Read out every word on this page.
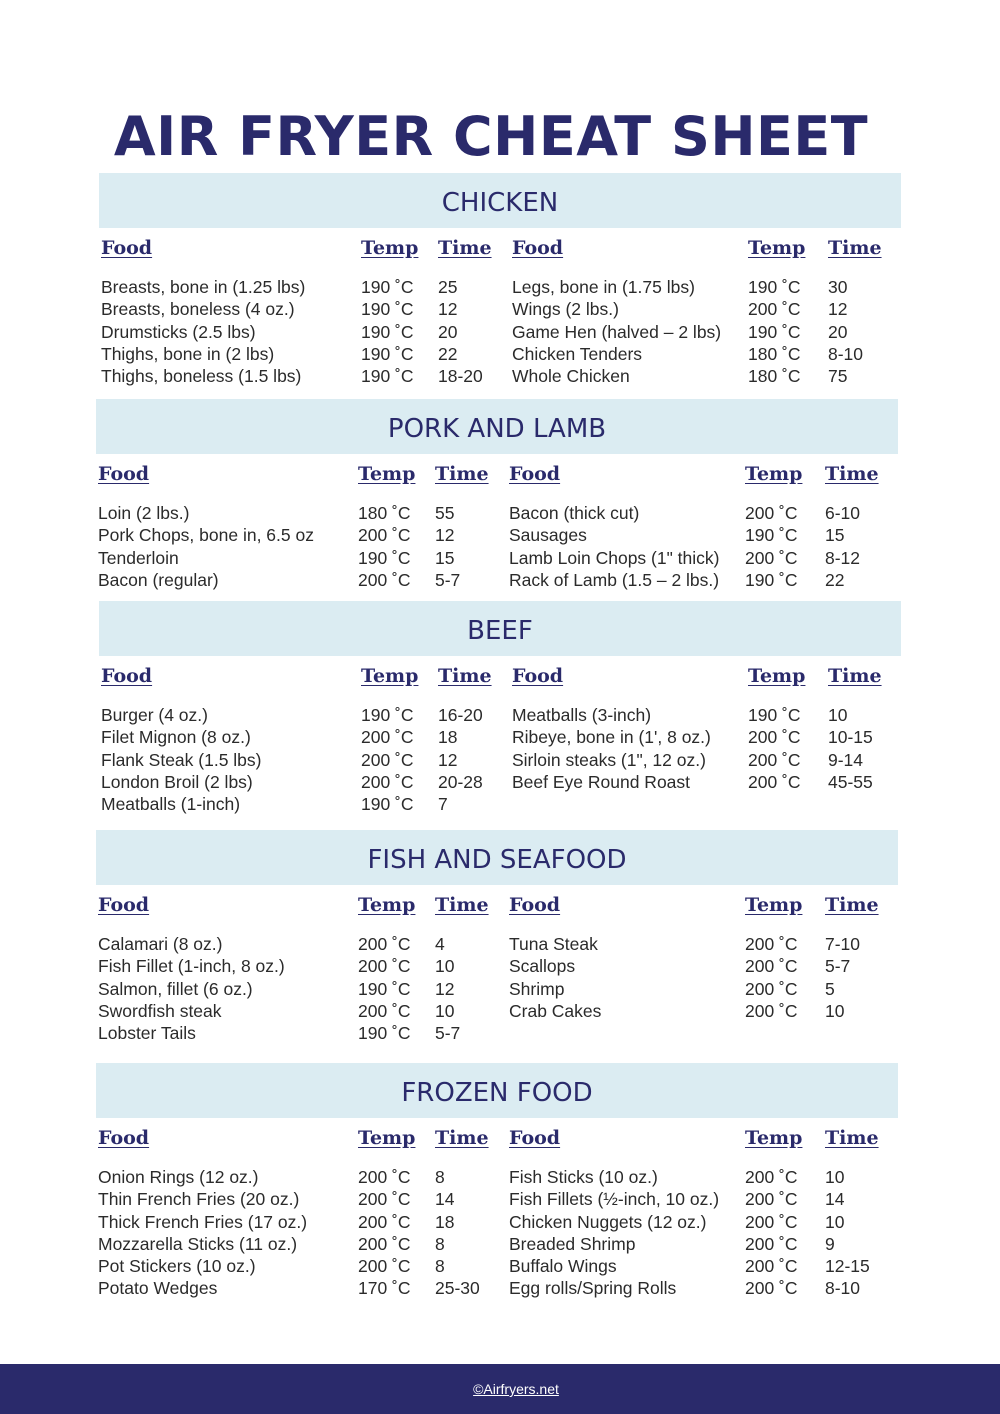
AIR FRYER CHEAT SHEET
CHICKEN
Food
Breasts, bone in (1.25 lbs)
Breasts, boneless (4 oz.)
Drumsticks (2.5 lbs)
Thighs, bone in (2 lbs)
Thighs, boneless (1.5 lbs)
Temp
190 ˚C
190 ˚C
190 ˚C
190 ˚C
190 ˚C
Time
25
12
20
22
18-20
Food
Legs, bone in (1.75 lbs)
Wings (2 lbs.)
Game Hen (halved – 2 lbs)
Chicken Tenders
Whole Chicken
Temp
190 ˚C
200 ˚C
190 ˚C
180 ˚C
180 ˚C
Time
30
12
20
8-10
75
PORK AND LAMB
Food
Loin (2 lbs.)
Pork Chops, bone in, 6.5 oz
Tenderloin
Bacon (regular)
Temp
180 ˚C
200 ˚C
190 ˚C
200 ˚C
Time
55
12
15
5-7
Food
Bacon (thick cut)
Sausages
Lamb Loin Chops (1" thick)
Rack of Lamb (1.5 – 2 lbs.)
Temp
200 ˚C
190 ˚C
200 ˚C
190 ˚C
Time
6-10
15
8-12
22
BEEF
Food
Burger (4 oz.)
Filet Mignon (8 oz.)
Flank Steak (1.5 lbs)
London Broil (2 lbs)
Meatballs (1-inch)
Temp
190 ˚C
200 ˚C
200 ˚C
200 ˚C
190 ˚C
Time
16-20
18
12
20-28
7
Food
Meatballs (3-inch)
Ribeye, bone in (1', 8 oz.)
Sirloin steaks (1", 12 oz.)
Beef Eye Round Roast
Temp
190 ˚C
200 ˚C
200 ˚C
200 ˚C
Time
10
10-15
9-14
45-55
FISH AND SEAFOOD
Food
Calamari (8 oz.)
Fish Fillet (1-inch, 8 oz.)
Salmon, fillet (6 oz.)
Swordfish steak
Lobster Tails
Temp
200 ˚C
200 ˚C
190 ˚C
200 ˚C
190 ˚C
Time
4
10
12
10
5-7
Food
Tuna Steak
Scallops
Shrimp
Crab Cakes
Temp
200 ˚C
200 ˚C
200 ˚C
200 ˚C
Time
7-10
5-7
5
10
FROZEN FOOD
Food
Onion Rings (12 oz.)
Thin French Fries (20 oz.)
Thick French Fries (17 oz.)
Mozzarella Sticks (11 oz.)
Pot Stickers (10 oz.)
Potato Wedges
Temp
200 ˚C
200 ˚C
200 ˚C
200 ˚C
200 ˚C
170 ˚C
Time
8
14
18
8
8
25-30
Food
Fish Sticks (10 oz.)
Fish Fillets (½-inch, 10 oz.)
Chicken Nuggets (12 oz.)
Breaded Shrimp
Buffalo Wings
Egg rolls/Spring Rolls
Temp
200 ˚C
200 ˚C
200 ˚C
200 ˚C
200 ˚C
200 ˚C
Time
10
14
10
9
12-15
8-10
©Airfryers.net
